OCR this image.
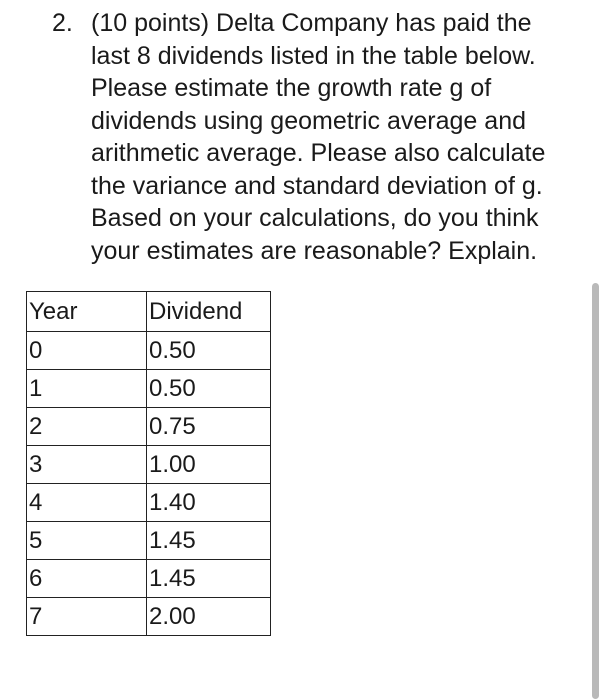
2. (10 points) Delta Company has paid the
last 8 dividends listed in the table below.
Please estimate the growth rate g of
dividends using geometric average and
arithmetic average. Please also calculate
the variance and standard deviation of g.
Based on your calculations, do you think
your estimates are reasonable? Explain.
Year	Dividend
0	0.50
1	0.50
2	0.75
3	1.00
4	1.40
5	1.45
6	1.45
7	2.00
